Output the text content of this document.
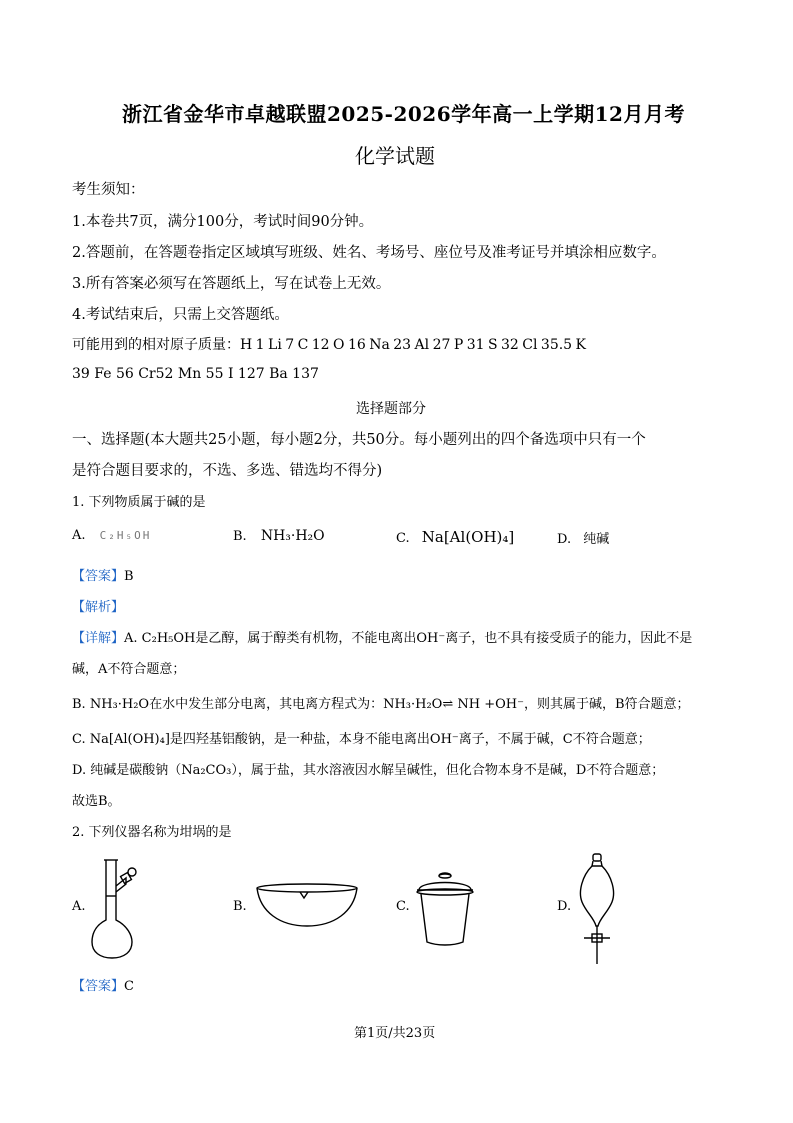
浙江省金华市卓越联盟2025-2026学年高一上学期12月月考
化学试题
考生须知：
1.本卷共7页，满分100分，考试时间90分钟。
2.答题前，在答题卷指定区域填写班级、姓名、考场号、座位号及准考证号并填涂相应数字。
3.所有答案必须写在答题纸上，写在试卷上无效。
4.考试结束后，只需上交答题纸。
可能用到的相对原子质量：H 1 Li 7 C 12 O 16 Na 23 Al 27 P 31 S 32 Cl 35.5 K
39 Fe 56 Cr52 Mn 55 I 127 Ba 137
选择题部分
一、选择题(本大题共25小题，每小题2分，共50分。每小题列出的四个备选项中只有一个
是符合题目要求的，不选、多选、错选均不得分)
1. 下列物质属于碱的是
A. C₂H₅OH	B. NH₃·H₂O	C. Na[Al(OH)₄]	D. 纯碱
【答案】B
【解析】
【详解】A. C₂H₅OH是乙醇，属于醇类有机物，不能电离出OH⁻离子，也不具有接受质子的能力，因此不是
碱，A不符合题意；
B. NH₃·H₂O在水中发生部分电离，其电离方程式为：NH₃·H₂O⇌ NH +OH⁻，则其属于碱，B符合题意；
C. Na[Al(OH)₄]是四羟基铝酸钠，是一种盐，本身不能电离出OH⁻离子，不属于碱，C不符合题意；
D. 纯碱是碳酸钠（Na₂CO₃），属于盐，其水溶液因水解呈碱性，但化合物本身不是碱，D不符合题意；
故选B。
2. 下列仪器名称为坩埚的是
A.	B.	C.	D.
【答案】C
第1页/共23页
